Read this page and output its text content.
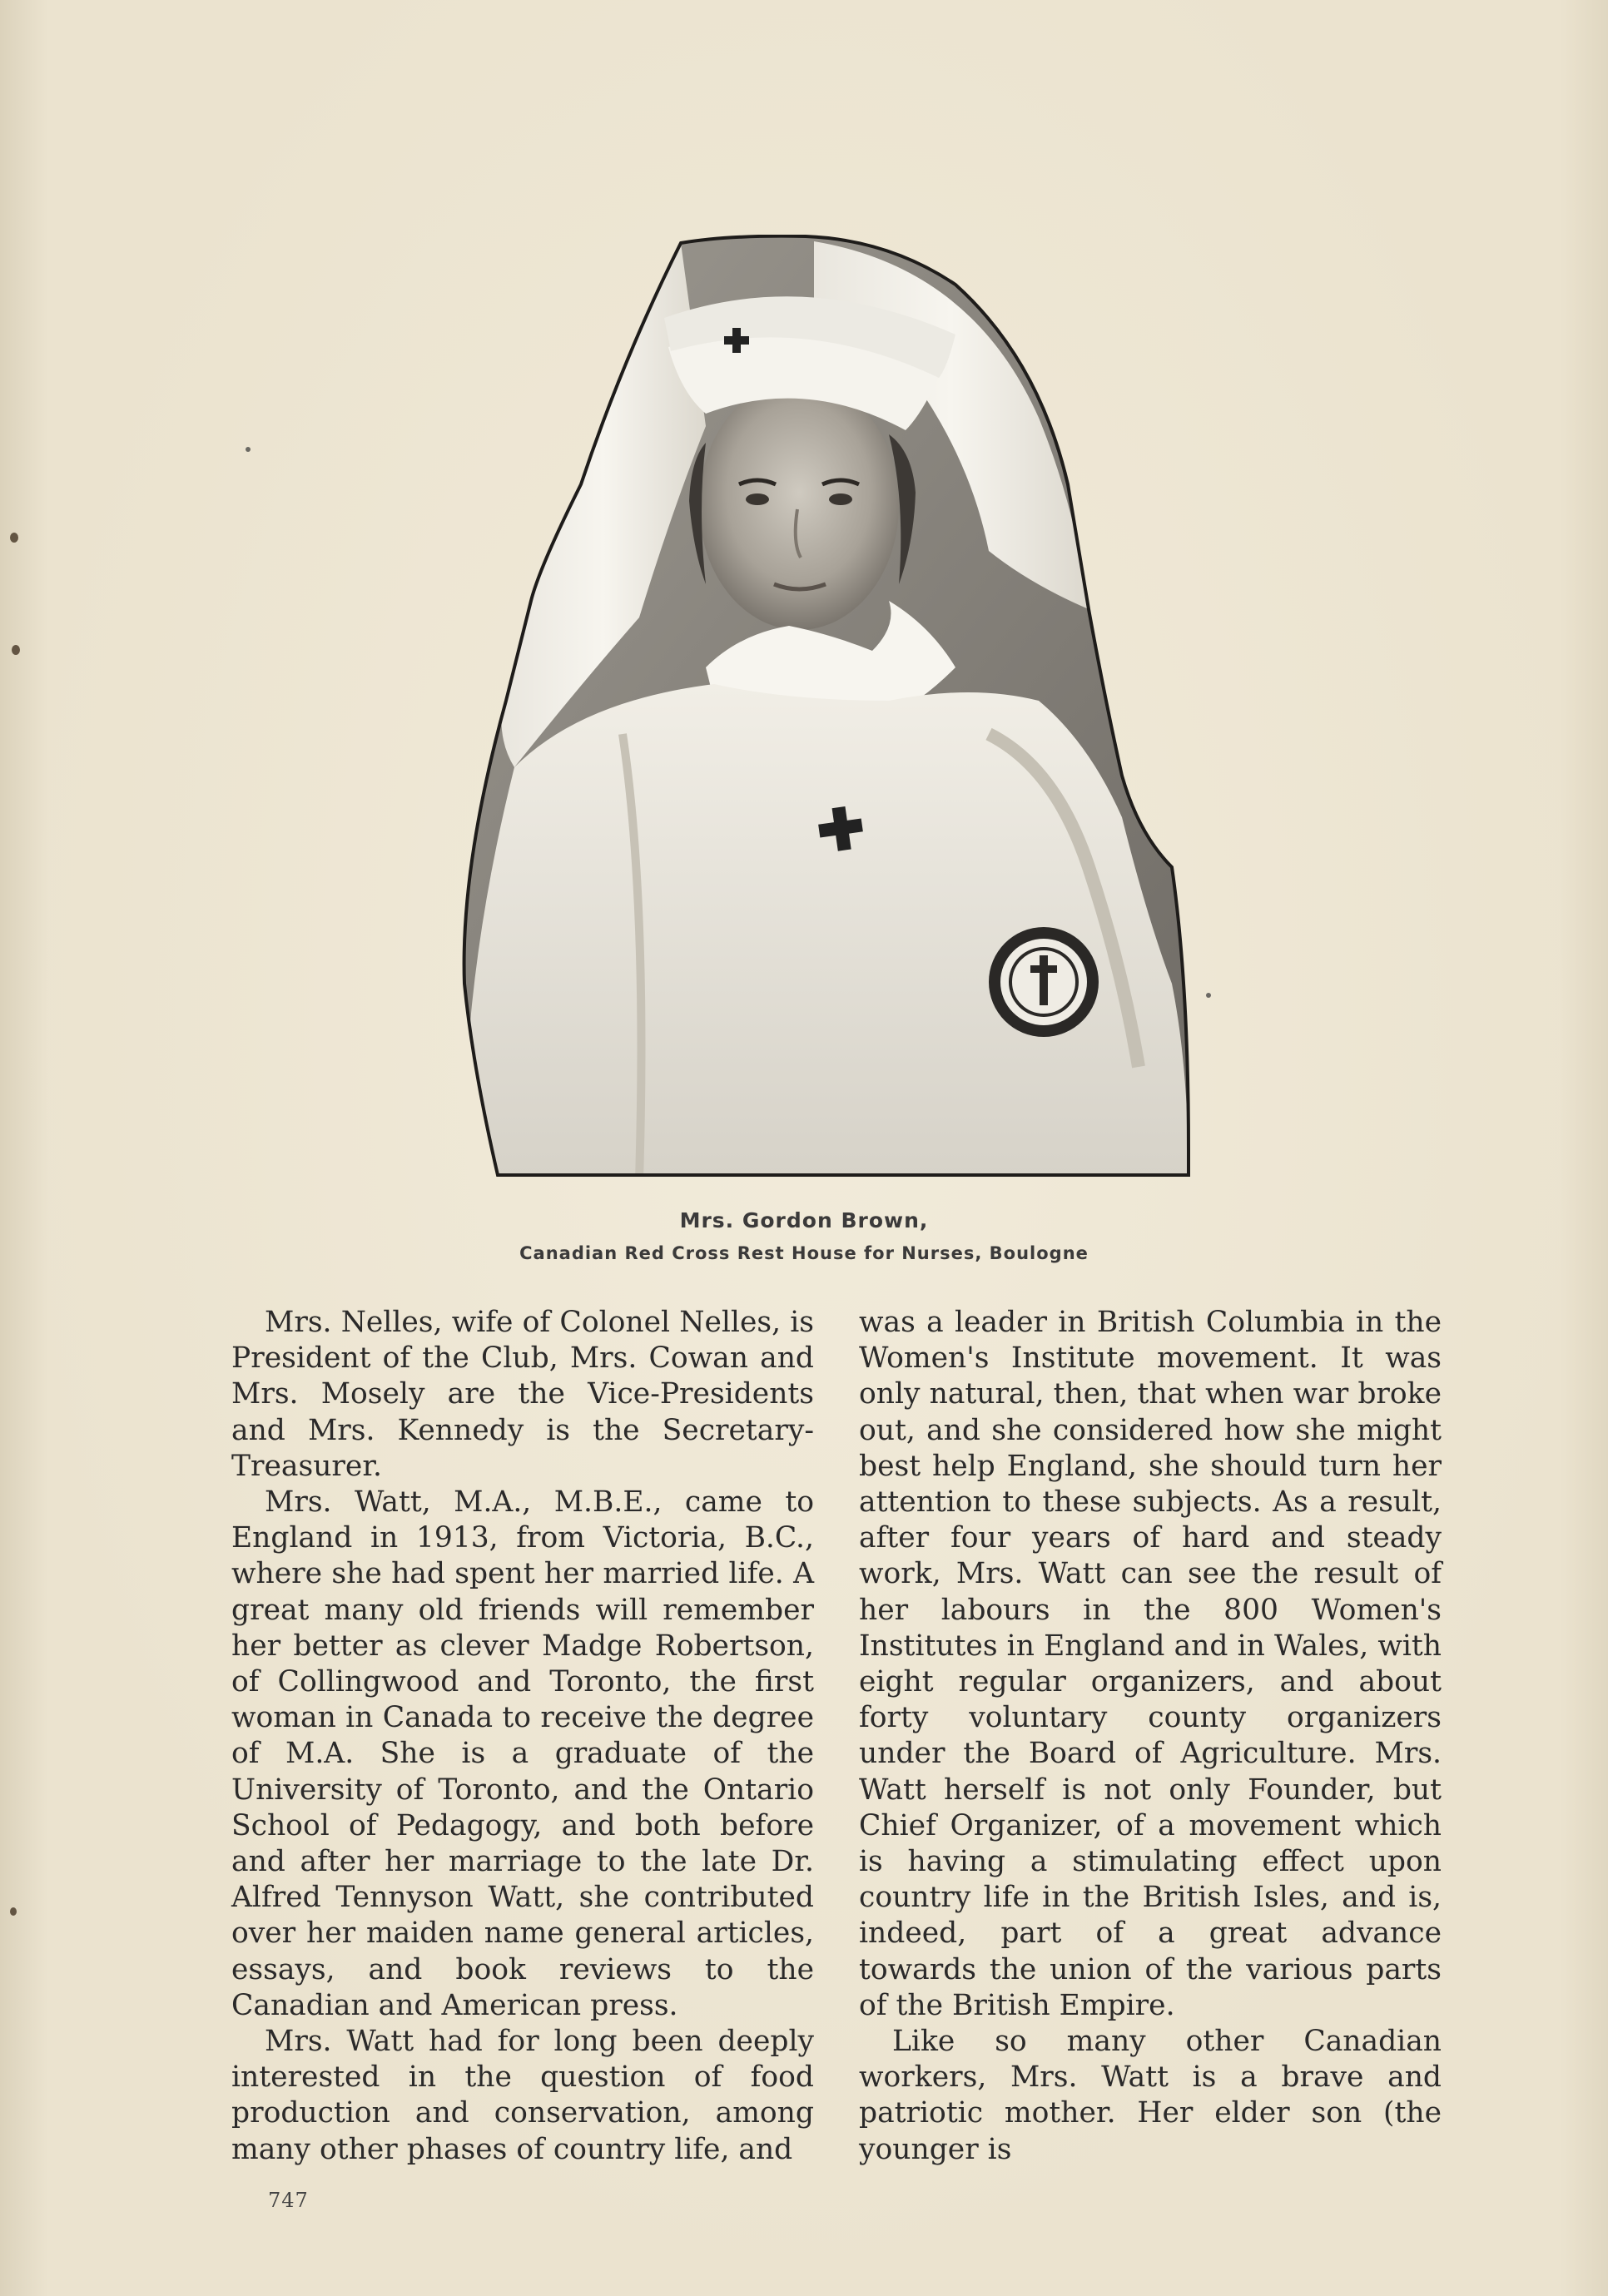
Mrs. Gordon Brown,
Canadian Red Cross Rest House for Nurses, Boulogne

Mrs. Nelles, wife of Colonel Nelles, is President of the Club, Mrs. Cowan and Mrs. Mosely are the Vice-Presidents and Mrs. Kennedy is the Secretary-Treasurer.

Mrs. Watt, M.A., M.B.E., came to England in 1913, from Victoria, B.C., where she had spent her married life. A great many old friends will remember her better as clever Madge Robertson, of Collingwood and Toronto, the first woman in Canada to receive the degree of M.A. She is a graduate of the University of Toronto, and the Ontario School of Pedagogy, and both before and after her marriage to the late Dr. Alfred Tennyson Watt, she contributed over her maiden name general articles, essays, and book reviews to the Canadian and American press.

Mrs. Watt had for long been deeply interested in the question of food production and conservation, among many other phases of country life, and

was a leader in British Columbia in the Women's Institute movement. It was only natural, then, that when war broke out, and she considered how she might best help England, she should turn her attention to these subjects. As a result, after four years of hard and steady work, Mrs. Watt can see the result of her labours in the 800 Women's Institutes in England and in Wales, with eight regular organizers, and about forty voluntary county organizers under the Board of Agriculture. Mrs. Watt herself is not only Founder, but Chief Organizer, of a movement which is having a stimulating effect upon country life in the British Isles, and is, indeed, part of a great advance towards the union of the various parts of the British Empire.

Like so many other Canadian workers, Mrs. Watt is a brave and patriotic mother. Her elder son (the younger is

747
